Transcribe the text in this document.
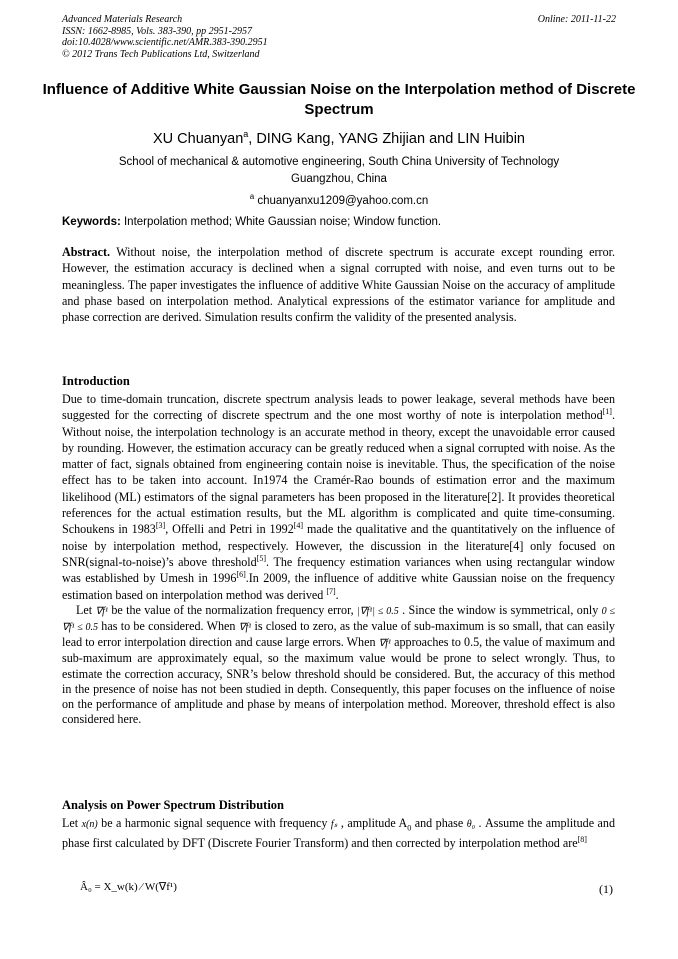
Advanced Materials Research
ISSN: 1662-8985, Vols. 383-390, pp 2951-2957
doi:10.4028/www.scientific.net/AMR.383-390.2951
© 2012 Trans Tech Publications Ltd, Switzerland
Online: 2011-11-22
Influence of Additive White Gaussian Noise on the Interpolation method of Discrete Spectrum
XU Chuanyan$^a$, DING Kang, YANG Zhijian and LIN Huibin
School of mechanical & automotive engineering, South China University of Technology
Guangzhou, China
$^a$ chuanyanxu1209@yahoo.com.cn
Keywords: Interpolation method; White Gaussian noise; Window function.

Abstract. Without noise, the interpolation method of discrete spectrum is accurate except rounding error. However, the estimation accuracy is declined when a signal corrupted with noise, and even turns out to be meaningless. The paper investigates the influence of additive White Gaussian Noise on the accuracy of amplitude and phase based on interpolation method. Analytical expressions of the estimator variance for amplitude and phase correction are derived. Simulation results confirm the validity of the presented analysis.

Introduction

Due to time-domain truncation, discrete spectrum analysis leads to power leakage, several methods have been suggested for the correcting of discrete spectrum and the one most worthy of note is interpolation method[1]. Without noise, the interpolation technology is an accurate method in theory, except the unavoidable error caused by rounding. However, the estimation accuracy can be greatly reduced when a signal corrupted with noise. As the matter of fact, signals obtained from engineering contain noise is inevitable. Thus, the specification of the noise effect has to be taken into account. In1974 the Cramér-Rao bounds of estimation error and the maximum likelihood (ML) estimators of the signal parameters has been proposed in the literature[2]. It provides theoretical references for the actual estimation results, but the ML algorithm is complicated and quite time-consuming. Schoukens in 1983[3], Offelli and Petri in 1992[4] made the qualitative and the quantitatively on the influence of noise by interpolation method, respectively. However, the discussion in the literature[4] only focused on SNR(signal-to-noise)’s above threshold[5]. The frequency estimation variances when using rectangular window was established by Umesh in 1996[6].In 2009, the influence of additive white Gaussian noise on the frequency estimation based on interpolation method was derived [7].

Let ∇f¹ be the value of the normalization frequency error, |∇f¹| ≤ 0.5 . Since the window is symmetrical, only 0 ≤ ∇f¹ ≤ 0.5 has to be considered. When ∇f¹ is closed to zero, as the value of sub-maximum is so small, that can easily lead to error interpolation direction and cause large errors. When ∇f¹ approaches to 0.5, the value of maximum and sub-maximum are approximately equal, so the maximum value would be prone to select wrongly. Thus, to estimate the correction accuracy, SNR’s below threshold should be considered. But, the accuracy of this method in the presence of noise has not been studied in depth. Consequently, this paper focuses on the influence of noise on the performance of amplitude and phase by means of interpolation method. Moreover, threshold effect is also considered here.

Analysis on Power Spectrum Distribution

Let x(n) be a harmonic signal sequence with frequency fₛ , amplitude $A_0$ and phase θ₀ . Assume the amplitude and phase first calculated by DFT (Discrete Fourier Transform) and then corrected by interpolation method are[8]

Â₀ = X_w(k) ⁄ W(∇f¹)	(1)
